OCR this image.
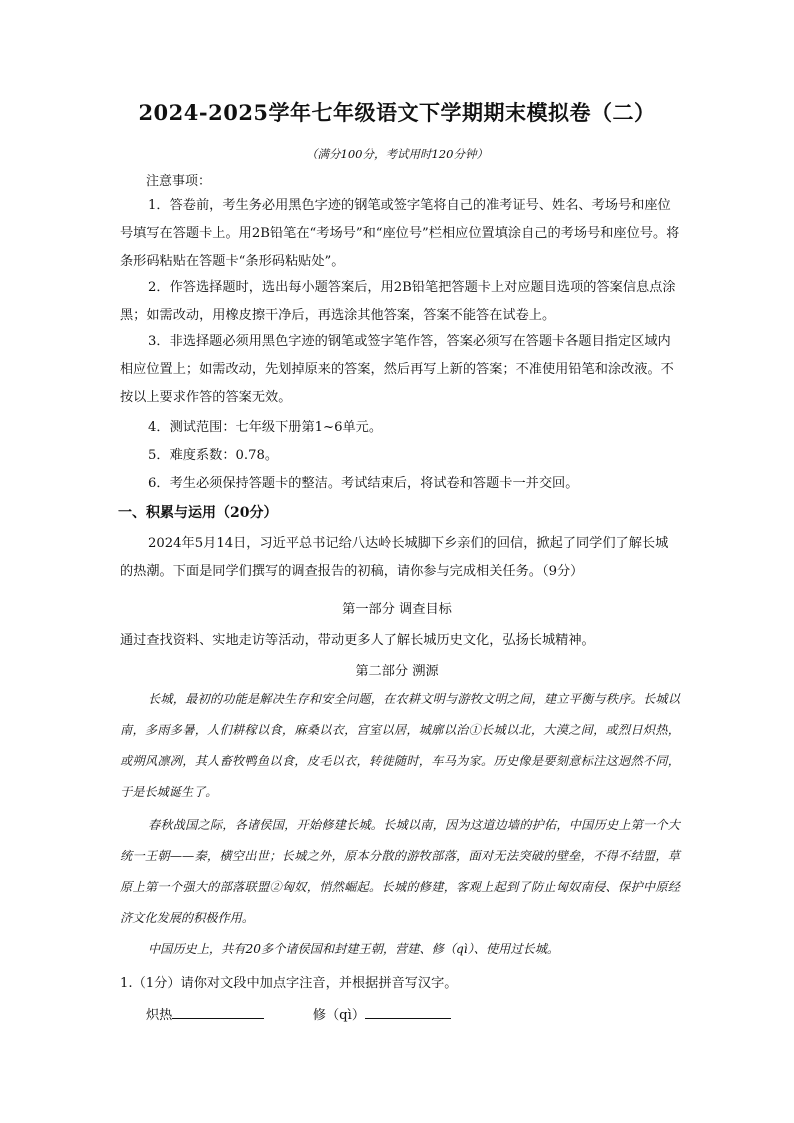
2024-2025学年七年级语文下学期期末模拟卷（二）
（满分100分，考试用时120分钟）
注意事项：
1．答卷前，考生务必用黑色字迹的钢笔或签字笔将自己的准考证号、姓名、考场号和座位号填写在答题卡上。用2B铅笔在“考场号”和“座位号”栏相应位置填涂自己的考场号和座位号。将条形码粘贴在答题卡“条形码粘贴处”。
2．作答选择题时，选出每小题答案后，用2B铅笔把答题卡上对应题目选项的答案信息点涂黑；如需改动，用橡皮擦干净后，再选涂其他答案，答案不能答在试卷上。
3．非选择题必须用黑色字迹的钢笔或签字笔作答，答案必须写在答题卡各题目指定区域内相应位置上；如需改动，先划掉原来的答案，然后再写上新的答案；不准使用铅笔和涂改液。不按以上要求作答的答案无效。
4．测试范围：七年级下册第1~6单元。
5．难度系数：0.78。
6．考生必须保持答题卡的整洁。考试结束后，将试卷和答题卡一并交回。
一、积累与运用（20分）
2024年5月14日，习近平总书记给八达岭长城脚下乡亲们的回信，掀起了同学们了解长城的热潮。下面是同学们撰写的调查报告的初稿，请你参与完成相关任务。（9分）
第一部分 调查目标
通过查找资料、实地走访等活动，带动更多人了解长城历史文化，弘扬长城精神。
第二部分 溯源
长城，最初的功能是解决生存和安全问题，在农耕文明与游牧文明之间，建立平衡与秩序。长城以南，多雨多暑，人们耕稼以食，麻桑以衣，宫室以居，城廓以治①长城以北，大漠之间，或烈日炽热，或朔风凛冽，其人畜牧鸭鱼以食，皮毛以衣，转徙随时，车马为家。历史像是要刻意标注这迥然不同，于是长城诞生了。
春秋战国之际，各诸侯国，开始修建长城。长城以南，因为这道边墙的护佑，中国历史上第一个大统一王朝——秦，横空出世；长城之外，原本分散的游牧部落，面对无法突破的壁垒，不得不结盟，草原上第一个强大的部落联盟②匈奴，悄然崛起。长城的修建，客观上起到了防止匈奴南侵、保护中原经济文化发展的积极作用。
中国历史上，共有20多个诸侯国和封建王朝，营建、修（qì）、使用过长城。
1.（1分）请你对文段中加点字注音，并根据拼音写汉字。
炽热	修（qì）
